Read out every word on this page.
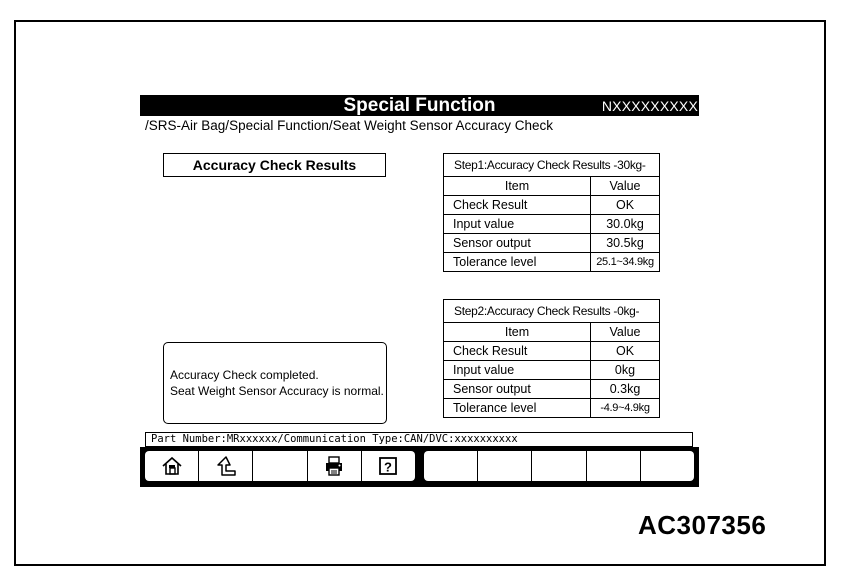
Special Function	NXXXXXXXXX
/SRS-Air Bag/Special Function/Seat Weight Sensor Accuracy Check
Accuracy Check Results	Step1:Accuracy Check Results -30kg-	
Item	Value
Check Result	OK
Input value	30.0kg
Sensor output	30.5kg
Tolerance level	25.1~34.9kg
Step2:Accuracy Check Results -0kg-	
Item	Value
Check Result	OK
Input value	0kg
Sensor output	0.3kg
Tolerance level	-4.9~4.9kg
Accuracy Check completed.
Seat Weight Sensor Accuracy is normal.
Part Number:MRxxxxxx/Communication Type:CAN/DVC:xxxxxxxxxx
?
AC307356
